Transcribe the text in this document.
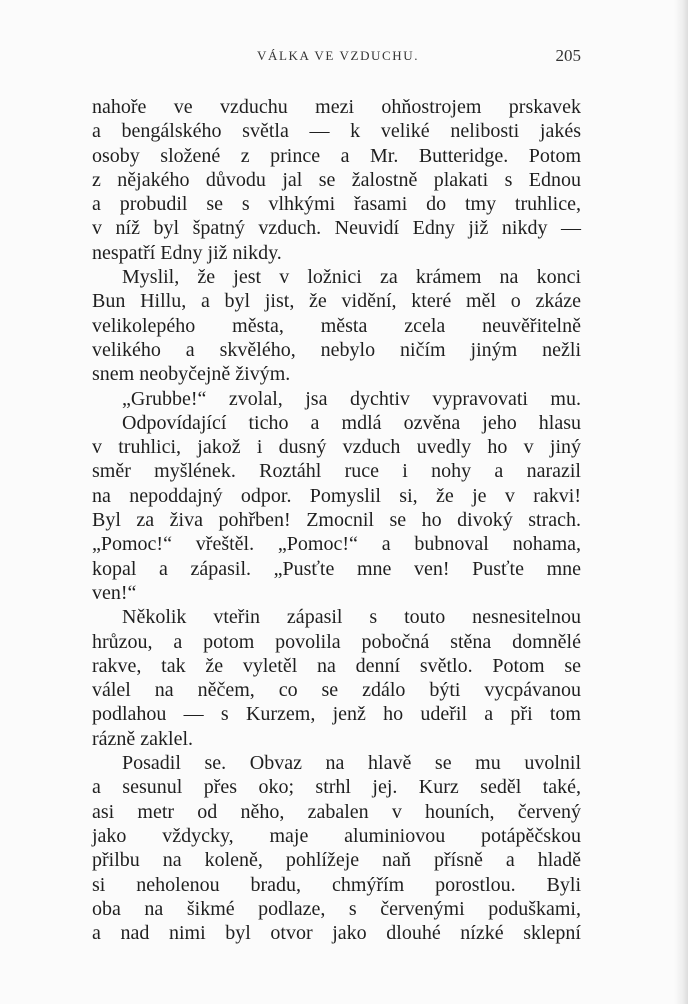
VÁLKA VE VZDUCHU.	205
nahoře ve vzduchu mezi ohňostrojem prskavek
a bengálského světla — k veliké nelibosti jakés
osoby složené z prince a Mr. Butteridge. Potom
z nějakého důvodu jal se žalostně plakati s Ednou
a probudil se s vlhkými řasami do tmy truhlice,
v níž byl špatný vzduch. Neuvidí Edny již nikdy —
nespatří Edny již nikdy.
Myslil, že jest v ložnici za krámem na konci
Bun Hillu, a byl jist, že vidění, které měl o zkáze
velikolepého města, města zcela neuvěřitelně
velikého a skvělého, nebylo ničím jiným nežli
snem neobyčejně živým.
„Grubbe!“ zvolal, jsa dychtiv vypravovati mu.
Odpovídající ticho a mdlá ozvěna jeho hlasu
v truhlici, jakož i dusný vzduch uvedly ho v jiný
směr myšlének. Roztáhl ruce i nohy a narazil
na nepoddajný odpor. Pomyslil si, že je v rakvi!
Byl za živa pohřben! Zmocnil se ho divoký strach.
„Pomoc!“ vřeštěl. „Pomoc!“ a bubnoval nohama,
kopal a zápasil. „Pusťte mne ven! Pusťte mne
ven!“
Několik vteřin zápasil s touto nesnesitelnou
hrůzou, a potom povolila pobočná stěna domnělé
rakve, tak že vyletěl na denní světlo. Potom se
válel na něčem, co se zdálo býti vycpávanou
podlahou — s Kurzem, jenž ho udeřil a při tom
rázně zaklel.
Posadil se. Obvaz na hlavě se mu uvolnil
a sesunul přes oko; strhl jej. Kurz seděl také,
asi metr od něho, zabalen v houních, červený
jako vždycky, maje aluminiovou potápěčskou
přilbu na koleně, pohlížeje naň přísně a hladě
si neholenou bradu, chmýřím porostlou. Byli
oba na šikmé podlaze, s červenými poduškami,
a nad nimi byl otvor jako dlouhé nízké sklepní
